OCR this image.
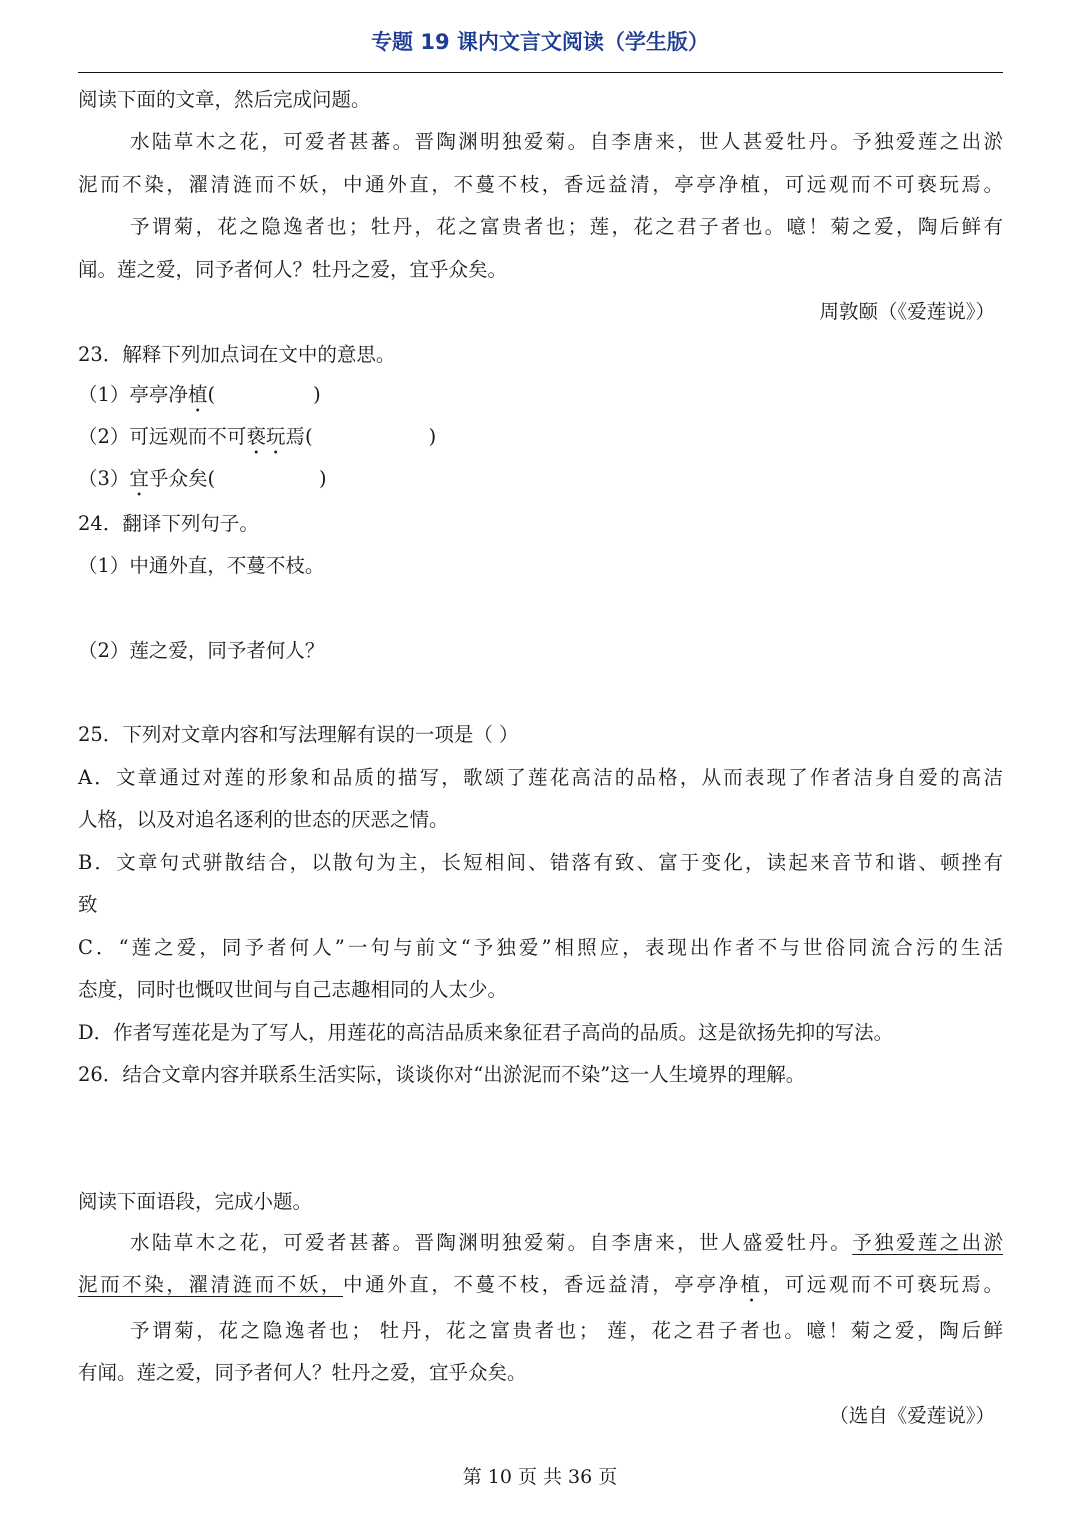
专题 19 课内文言文阅读（学生版）
阅读下面的文章，然后完成问题。
水陆草木之花，可爱者甚蕃。晋陶渊明独爱菊。自李唐来，世人甚爱牡丹。予独爱莲之出淤
泥而不染，濯清涟而不妖，中通外直，不蔓不枝，香远益清，亭亭净植，可远观而不可亵玩焉。
予谓菊，花之隐逸者也；牡丹，花之富贵者也；莲，花之君子者也。噫！菊之爱，陶后鲜有
闻。莲之爱，同予者何人？牡丹之爱，宜乎众矣。
周敦颐（《爱莲说》）
23．解释下列加点词在文中的意思。
（1）亭亭净植(	)
（2）可远观而不可亵玩焉(	)
（3）宜乎众矣(	)
24．翻译下列句子。
（1）中通外直，不蔓不枝。
（2）莲之爱，同予者何人？
25．下列对文章内容和写法理解有误的一项是（ ）
A．文章通过对莲的形象和品质的描写，歌颂了莲花高洁的品格，从而表现了作者洁身自爱的高洁
人格，以及对追名逐利的世态的厌恶之情。
B．文章句式骈散结合，以散句为主，长短相间、错落有致、富于变化，读起来音节和谐、顿挫有
致
C．“莲之爱，同予者何人”一句与前文“予独爱”相照应，表现出作者不与世俗同流合污的生活
态度，同时也慨叹世间与自己志趣相同的人太少。
D．作者写莲花是为了写人，用莲花的高洁品质来象征君子高尚的品质。这是欲扬先抑的写法。
26．结合文章内容并联系生活实际，谈谈你对“出淤泥而不染”这一人生境界的理解。
阅读下面语段，完成小题。
水陆草木之花，可爱者甚蕃。晋陶渊明独爱菊。自李唐来，世人盛爱牡丹。予独爱莲之出淤
泥而不染，濯清涟而不妖，中通外直，不蔓不枝，香远益清，亭亭净植，可远观而不可亵玩焉。
予谓菊，花之隐逸者也； 牡丹，花之富贵者也； 莲，花之君子者也。噫！菊之爱，陶后鲜
有闻。莲之爱，同予者何人？牡丹之爱，宜乎众矣。
（选自《爱莲说》）
第 10 页 共 36 页
